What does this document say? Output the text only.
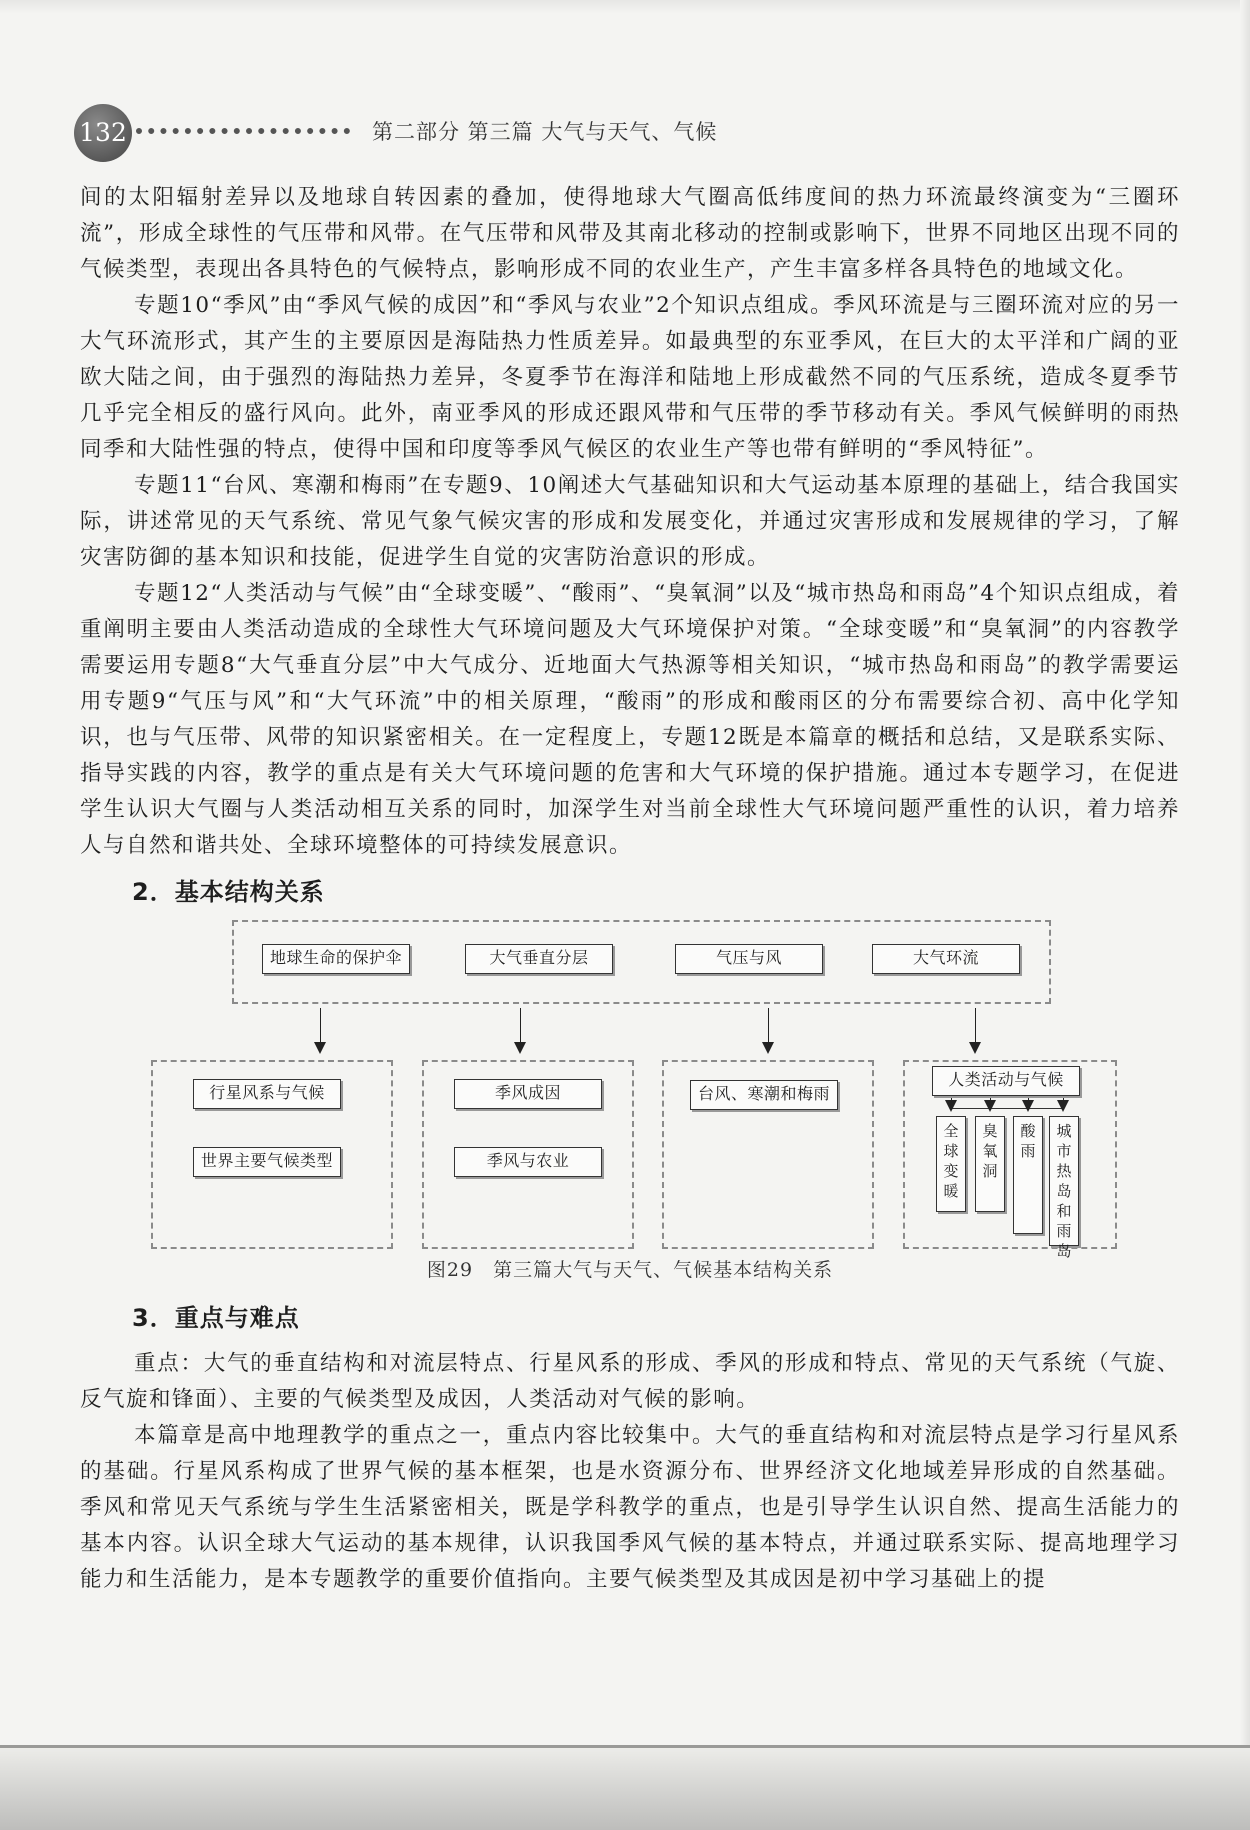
132	第二部分 第三篇 大气与天气、气候

间的太阳辐射差异以及地球自转因素的叠加，使得地球大气圈高低纬度间的热力环流最终演变为“三圈环流”，形成全球性的气压带和风带。在气压带和风带及其南北移动的控制或影响下，世界不同地区出现不同的气候类型，表现出各具特色的气候特点，影响形成不同的农业生产，产生丰富多样各具特色的地域文化。

专题10“季风”由“季风气候的成因”和“季风与农业”2个知识点组成。季风环流是与三圈环流对应的另一大气环流形式，其产生的主要原因是海陆热力性质差异。如最典型的东亚季风，在巨大的太平洋和广阔的亚欧大陆之间，由于强烈的海陆热力差异，冬夏季节在海洋和陆地上形成截然不同的气压系统，造成冬夏季节几乎完全相反的盛行风向。此外，南亚季风的形成还跟风带和气压带的季节移动有关。季风气候鲜明的雨热同季和大陆性强的特点，使得中国和印度等季风气候区的农业生产等也带有鲜明的“季风特征”。

专题11“台风、寒潮和梅雨”在专题9、10阐述大气基础知识和大气运动基本原理的基础上，结合我国实际，讲述常见的天气系统、常见气象气候灾害的形成和发展变化，并通过灾害形成和发展规律的学习，了解灾害防御的基本知识和技能，促进学生自觉的灾害防治意识的形成。

专题12“人类活动与气候”由“全球变暖”、“酸雨”、“臭氧洞”以及“城市热岛和雨岛”4个知识点组成，着重阐明主要由人类活动造成的全球性大气环境问题及大气环境保护对策。“全球变暖”和“臭氧洞”的内容教学需要运用专题8“大气垂直分层”中大气成分、近地面大气热源等相关知识，“城市热岛和雨岛”的教学需要运用专题9“气压与风”和“大气环流”中的相关原理，“酸雨”的形成和酸雨区的分布需要综合初、高中化学知识，也与气压带、风带的知识紧密相关。在一定程度上，专题12既是本篇章的概括和总结，又是联系实际、指导实践的内容，教学的重点是有关大气环境问题的危害和大气环境的保护措施。通过本专题学习，在促进学生认识大气圈与人类活动相互关系的同时，加深学生对当前全球性大气环境问题严重性的认识，着力培养人与自然和谐共处、全球环境整体的可持续发展意识。

2．基本结构关系
地球生命的保护伞	大气垂直分层	气压与风	大气环流
行星风系与气候
世界主要气候类型
季风成因
季风与农业
台风、寒潮和梅雨
人类活动与气候
全球变暖
臭氧洞
酸雨
城市热岛和雨岛
图29　第三篇大气与天气、气候基本结构关系
3．重点与难点

重点：大气的垂直结构和对流层特点、行星风系的形成、季风的形成和特点、常见的天气系统（气旋、反气旋和锋面）、主要的气候类型及成因，人类活动对气候的影响。

本篇章是高中地理教学的重点之一，重点内容比较集中。大气的垂直结构和对流层特点是学习行星风系的基础。行星风系构成了世界气候的基本框架，也是水资源分布、世界经济文化地域差异形成的自然基础。季风和常见天气系统与学生生活紧密相关，既是学科教学的重点，也是引导学生认识自然、提高生活能力的基本内容。认识全球大气运动的基本规律，认识我国季风气候的基本特点，并通过联系实际、提高地理学习能力和生活能力，是本专题教学的重要价值指向。主要气候类型及其成因是初中学习基础上的提
